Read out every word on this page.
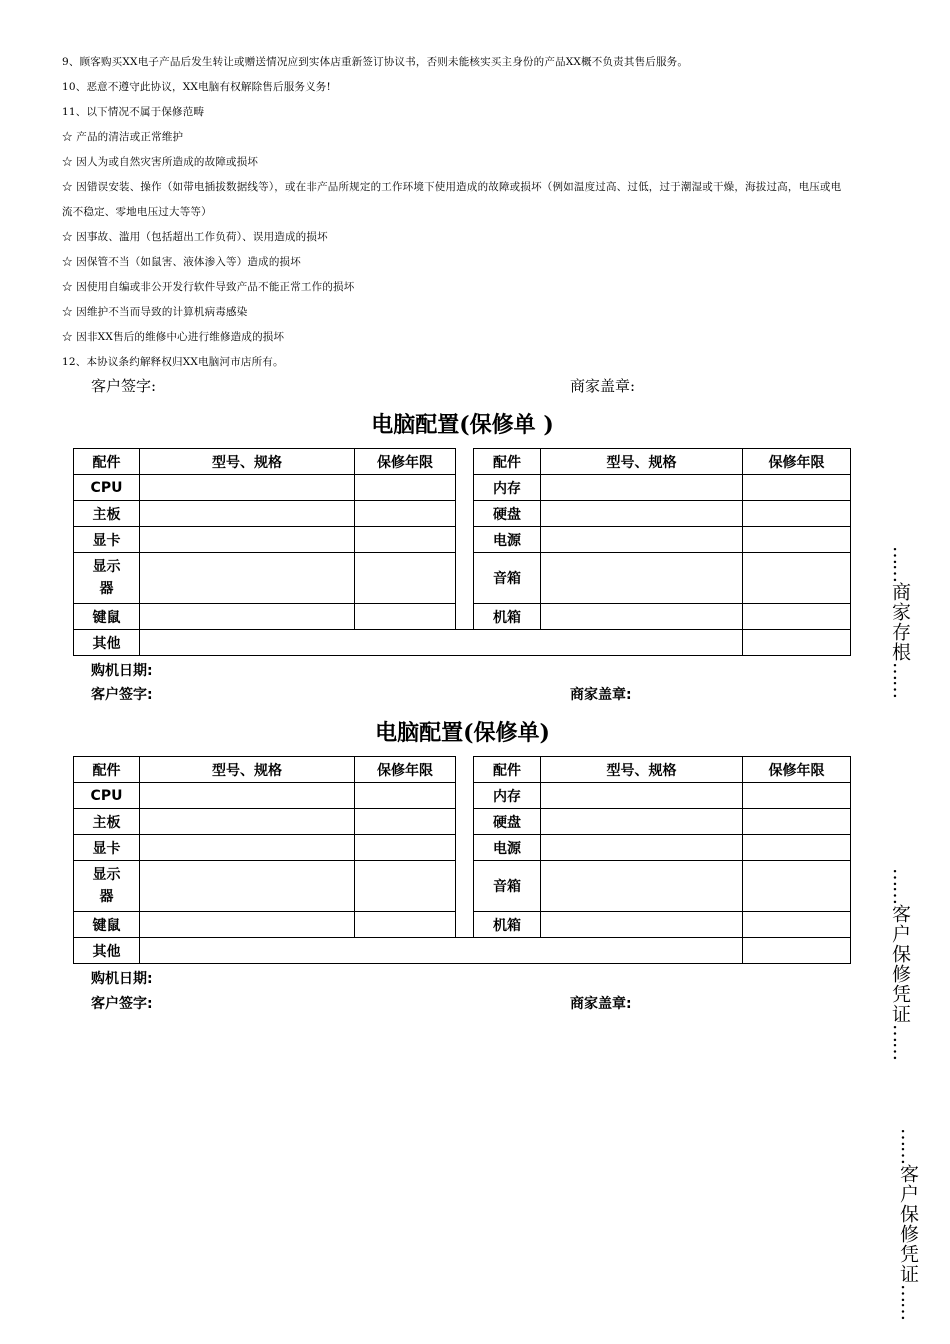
9、顾客购买XX电子产品后发生转让或赠送情况应到实体店重新签订协议书，否则未能核实买主身份的产品XX概不负责其售后服务。
10、恶意不遵守此协议，XX电脑有权解除售后服务义务!
11、以下情况不属于保修范畴
☆ 产品的清洁或正常维护
☆ 因人为或自然灾害所造成的故障或损坏
☆ 因错误安装、操作（如带电插拔数据线等），或在非产品所规定的工作环境下使用造成的故障或损坏（例如温度过高、过低，过于潮湿或干燥，海拔过高，电压或电流不稳定、零地电压过大等等）
☆ 因事故、滥用（包括超出工作负荷）、误用造成的损坏
☆ 因保管不当（如鼠害、液体渗入等）造成的损坏
☆ 因使用自编或非公开发行软件导致产品不能正常工作的损坏
☆ 因维护不当而导致的计算机病毒感染
☆ 因非XX售后的维修中心进行维修造成的损坏
12、本协议条约解释权归XX电脑河市店所有。
客户签字:	商家盖章:
电脑配置(保修单 )
配件	型号、规格	保修年限		配件	型号、规格	保修年限
CPU				内存		
主板				硬盘		
显卡				电源		

显示器				音箱		
键鼠				机箱		
其他						
购机日期:
客户签字:	商家盖章:
电脑配置(保修单)
配件	型号、规格	保修年限		配件	型号、规格	保修年限
CPU				内存		
主板				硬盘		
显卡				电源		

显示器				音箱		
键鼠				机箱		
其他						
购机日期:
客户签字:	商家盖章:
……商家存根……
……客户保修凭证……
……客户保修凭证……
